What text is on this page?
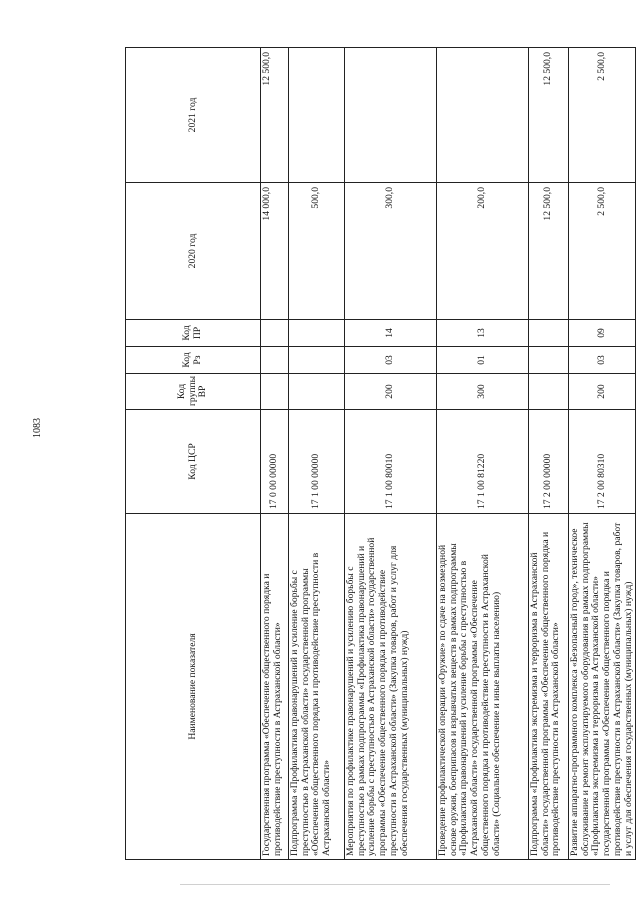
1083
Наименование показателя	Код ЦСР	Код группы ВР	Код Рз	Код ПР	2020 год	2021 год
Государственная программа «Обеспечение общественного порядка и противодействие преступности в Астраханской области»	17 0 00 00000				14 000,0	12 500,0
Подпрограмма «Профилактика правонарушений и усиление борьбы с преступностью в Астраханской области» государственной программы «Обеспечение общественного порядка и противодействие преступности в Астраханской области»	17 1 00 00000				500,0	
Мероприятия по профилактике правонарушений и усилению борьбы с преступностью в рамках подпрограммы «Профилактика правонарушений и усиление борьбы с преступностью в Астраханской области» государственной программы «Обеспечение общественного порядка и противодействие преступности в Астраханской области» (Закупка товаров, работ и услуг для обеспечения государственных (муниципальных) нужд)	17 1 00 80010	200	03	14	300,0	
Проведение профилактической операции «Оружие» по сдаче на возмездной основе оружия, боеприпасов и взрывчатых веществ в рамках подпрограммы «Профилактика правонарушений и усиление борьбы с преступностью в Астраханской области» государственной программы «Обеспечение общественного порядка и противодействие преступности в Астраханской области» (Социальное обеспечение и иные выплаты населению)	17 1 00 81220	300	01	13	200,0	
Подпрограмма «Профилактика экстремизма и терроризма в Астраханской области» государственной программы «Обеспечение общественного порядка и противодействие преступности в Астраханской области»	17 2 00 00000				12 500,0	12 500,0
Развитие аппаратно-программного комплекса «Безопасный город», техническое обслуживание и ремонт эксплуатируемого оборудования в рамках подпрограммы «Профилактика экстремизма и терроризма в Астраханской области» государственной программы «Обеспечение общественного порядка и противодействие преступности в Астраханской области» (Закупка товаров, работ и услуг для обеспечения государственных (муниципальных) нужд)	17 2 00 80310	200	03	09	2 500,0	2 500,0
